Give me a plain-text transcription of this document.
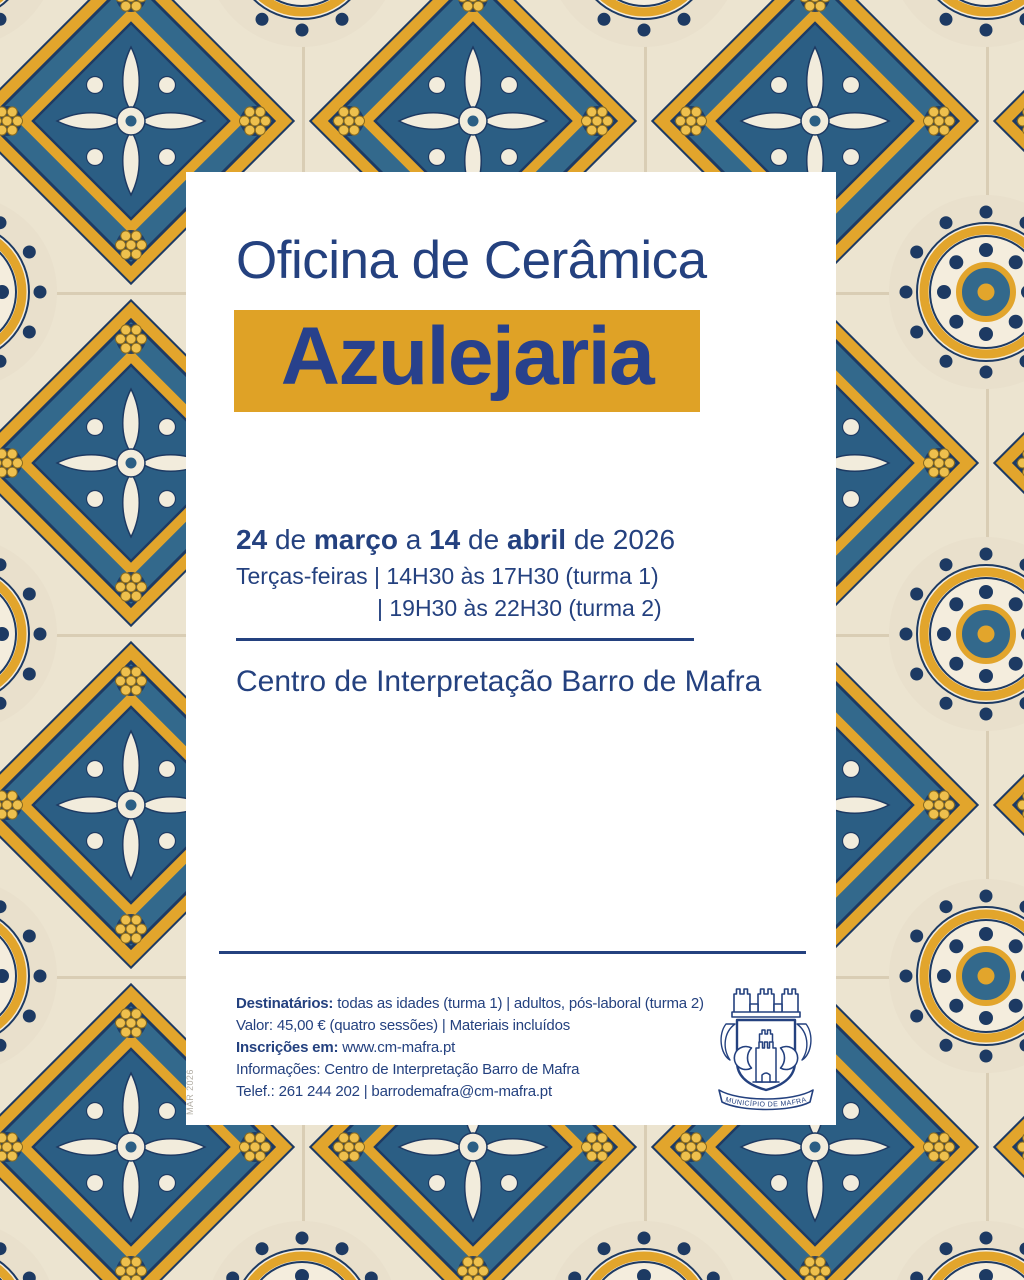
Oficina de Cerâmica
Azulejaria
24 de março a 14 de abril de 2026
Terças-feiras | 14H30 às 17H30 (turma 1)
| 19H30 às 22H30 (turma 2)
Centro de Interpretação Barro de Mafra
Destinatários: todas as idades (turma 1) | adultos, pós-laboral (turma 2)
Valor: 45,00 € (quatro sessões) | Materiais incluídos
Inscrições em: www.cm-mafra.pt
Informações: Centro de Interpretação Barro de Mafra
Telef.: 261 244 202 | barrodemafra@cm-mafra.pt
MUNICÍPIO DE MAFRA
MAR 2026
